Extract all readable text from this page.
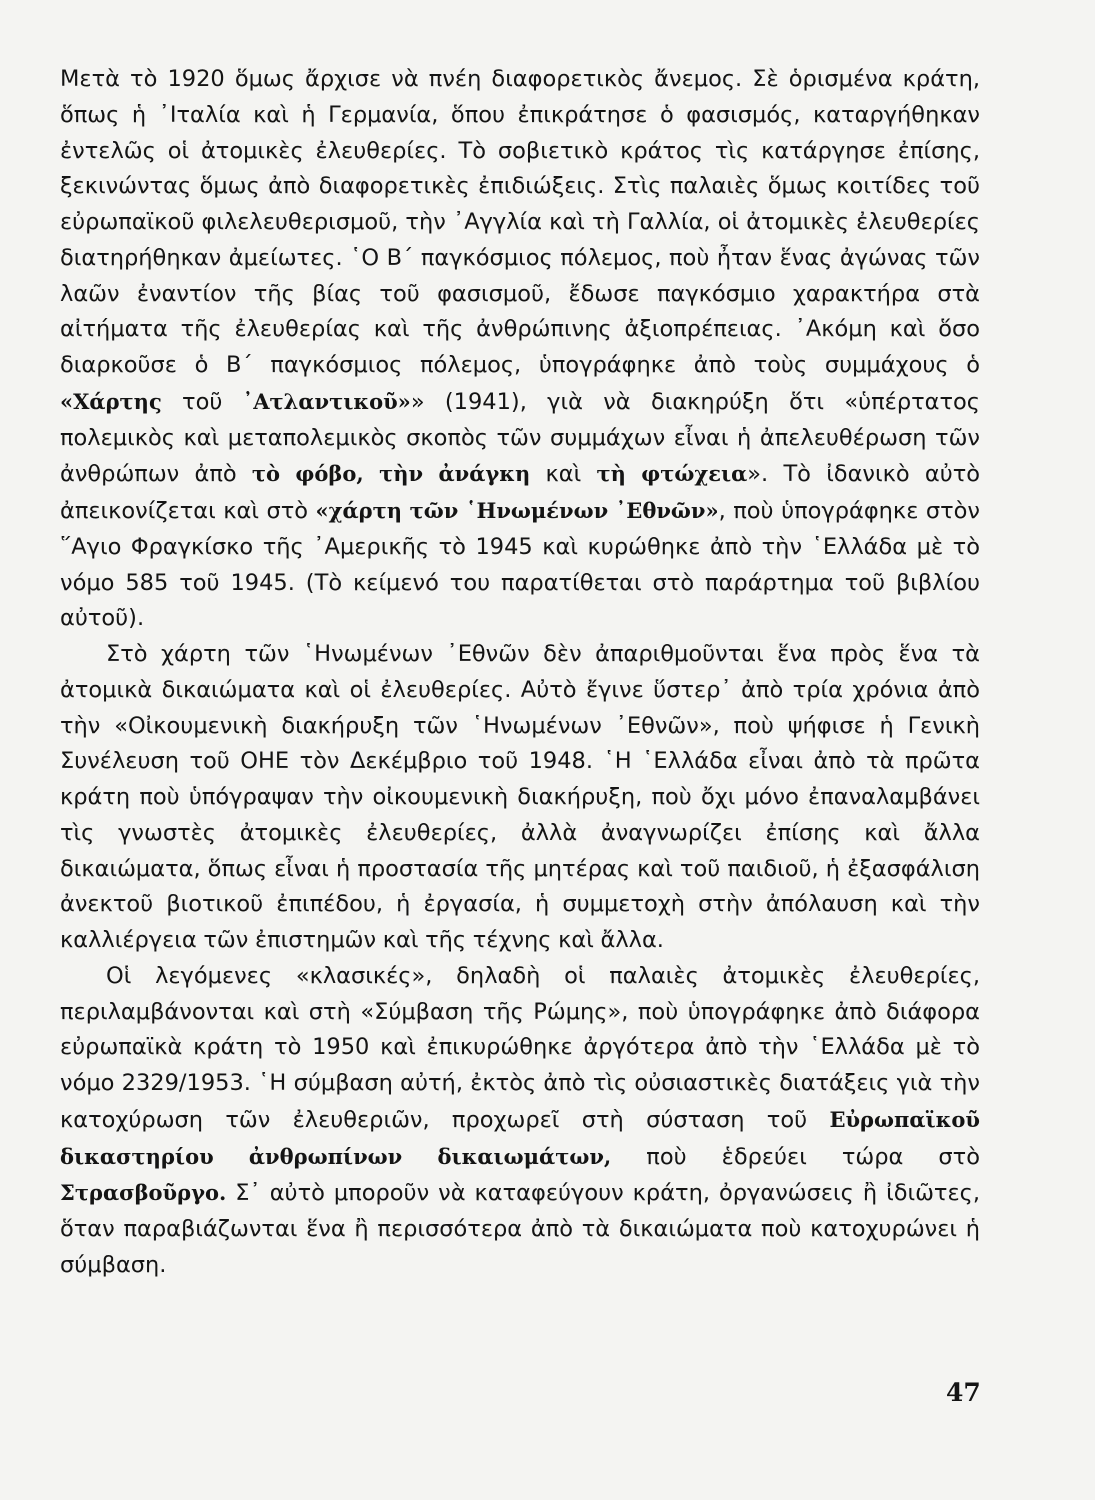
Μετὰ τὸ 1920 ὅμως ἄρχισε νὰ πνέη διαφορετικὸς ἄνεμος. Σὲ ὁρισμένα κράτη, ὅπως ἡ ᾿Ιταλία καὶ ἡ Γερμανία, ὅπου ἐπικράτησε ὁ φασισμός, καταργήθηκαν ἐντελῶς οἱ ἀτομικὲς ἐλευθερίες. Τὸ σοβιετικὸ κράτος τὶς κατάργησε ἐπίσης, ξεκινώντας ὅμως ἀπὸ διαφορετικὲς ἐπιδιώξεις. Στὶς παλαιὲς ὅμως κοιτίδες τοῦ εὐρωπαϊκοῦ φιλελευθερισμοῦ, τὴν ᾿Αγγλία καὶ τὴ Γαλλία, οἱ ἀτομικὲς ἐλευθερίες διατηρήθηκαν ἀμείωτες. ῾Ο Β΄ παγκόσμιος πόλεμος, ποὺ ἦταν ἕνας ἀγώνας τῶν λαῶν ἐναντίον τῆς βίας τοῦ φασισμοῦ, ἔδωσε παγκόσμιο χαρακτήρα στὰ αἰτήματα τῆς ἐλευθερίας καὶ τῆς ἀνθρώπινης ἀξιοπρέπειας. ᾿Ακόμη καὶ ὅσο διαρκοῦσε ὁ Β΄ παγκόσμιος πόλεμος, ὑπογράφηκε ἀπὸ τοὺς συμμάχους ὁ «Χάρτης τοῦ ᾿Ατλαντικοῦ»» (1941), γιὰ νὰ διακηρύξη ὅτι «ὑπέρτατος πολεμικὸς καὶ μεταπολεμικὸς σκοπὸς τῶν συμμάχων εἶναι ἡ ἀπελευθέρωση τῶν ἀνθρώπων ἀπὸ τὸ φόβο, τὴν ἀνάγκη καὶ τὴ φτώχεια». Τὸ ἰδανικὸ αὐτὸ ἀπεικονίζεται καὶ στὸ «χάρτη τῶν ῾Ηνωμένων ᾿Εθνῶν», ποὺ ὑπογράφηκε στὸν ῞Αγιο Φραγκίσκο τῆς ᾿Αμερικῆς τὸ 1945 καὶ κυρώθηκε ἀπὸ τὴν ῾Ελλάδα μὲ τὸ νόμο 585 τοῦ 1945. (Τὸ κείμενό του παρατίθεται στὸ παράρτημα τοῦ βιβλίου αὐτοῦ).

Στὸ χάρτη τῶν ῾Ηνωμένων ᾿Εθνῶν δὲν ἀπαριθμοῦνται ἕνα πρὸς ἕνα τὰ ἀτομικὰ δικαιώματα καὶ οἱ ἐλευθερίες. Αὐτὸ ἔγινε ὕστερ᾿ ἀπὸ τρία χρόνια ἀπὸ τὴν «Οἰκουμενικὴ διακήρυξη τῶν ῾Ηνωμένων ᾿Εθνῶν», ποὺ ψήφισε ἡ Γενικὴ Συνέλευση τοῦ ΟΗΕ τὸν Δεκέμβριο τοῦ 1948. ῾Η ῾Ελλάδα εἶναι ἀπὸ τὰ πρῶτα κράτη ποὺ ὑπόγραψαν τὴν οἰκουμενικὴ διακήρυξη, ποὺ ὄχι μόνο ἐπαναλαμβάνει τὶς γνωστὲς ἀτομικὲς ἐλευθερίες, ἀλλὰ ἀναγνωρίζει ἐπίσης καὶ ἄλλα δικαιώματα, ὅπως εἶναι ἡ προστασία τῆς μητέρας καὶ τοῦ παιδιοῦ, ἡ ἐξασφάλιση ἀνεκτοῦ βιοτικοῦ ἐπιπέδου, ἡ ἐργασία, ἡ συμμετοχὴ στὴν ἀπόλαυση καὶ τὴν καλλιέργεια τῶν ἐπιστημῶν καὶ τῆς τέχνης καὶ ἄλλα.

Οἱ λεγόμενες «κλασικές», δηλαδὴ οἱ παλαιὲς ἀτομικὲς ἐλευθερίες, περιλαμβάνονται καὶ στὴ «Σύμβαση τῆς Ρώμης», ποὺ ὑπογράφηκε ἀπὸ διάφορα εὐρωπαϊκὰ κράτη τὸ 1950 καὶ ἐπικυρώθηκε ἀργότερα ἀπὸ τὴν ῾Ελλάδα μὲ τὸ νόμο 2329/1953. ῾Η σύμβαση αὐτή, ἐκτὸς ἀπὸ τὶς οὐσιαστικὲς διατάξεις γιὰ τὴν κατοχύρωση τῶν ἐλευθεριῶν, προχωρεῖ στὴ σύσταση τοῦ Εὐρωπαϊκοῦ δικαστηρίου ἀνθρωπίνων δικαιωμάτων, ποὺ ἑδρεύει τώρα στὸ Στρασβοῦργο. Σ᾿ αὐτὸ μποροῦν νὰ καταφεύγουν κράτη, ὀργανώσεις ἢ ἰδιῶτες, ὅταν παραβιάζωνται ἕνα ἢ περισσότερα ἀπὸ τὰ δικαιώματα ποὺ κατοχυρώνει ἡ σύμβαση.

47
